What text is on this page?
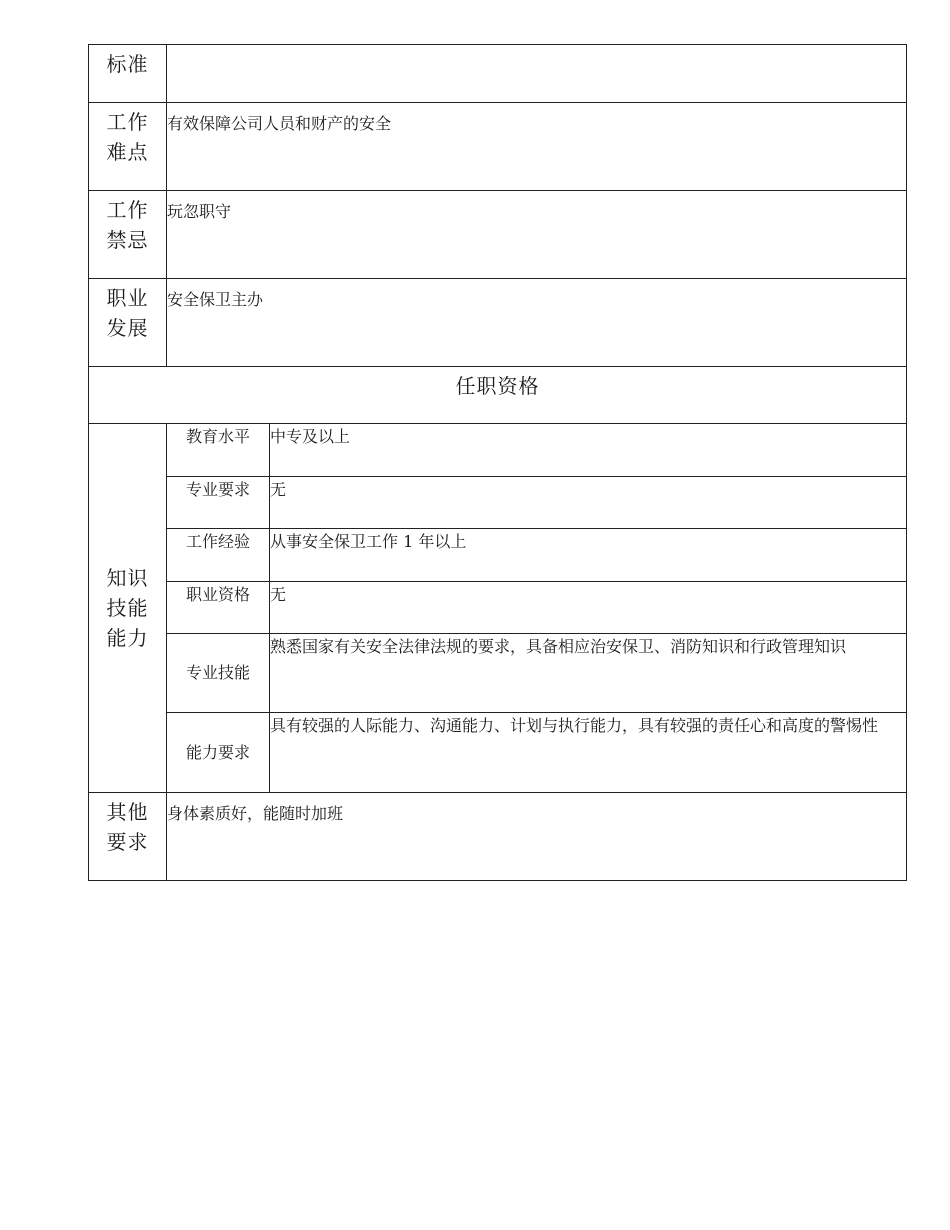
标准		
工作难点	有效保障公司人员和财产的安全	
工作禁忌	玩忽职守	
职业发展	安全保卫主办	
任职资格		
知识技能能力	教育水平	中专及以上
	专业要求	无
	工作经验	从事安全保卫工作 1 年以上
	职业资格	无
	专业技能	熟悉国家有关安全法律法规的要求，具备相应治安保卫、消防知识和行政管理知识
	能力要求	具有较强的人际能力、沟通能力、计划与执行能力，具有较强的责任心和高度的警惕性
其他要求	身体素质好，能随时加班	
